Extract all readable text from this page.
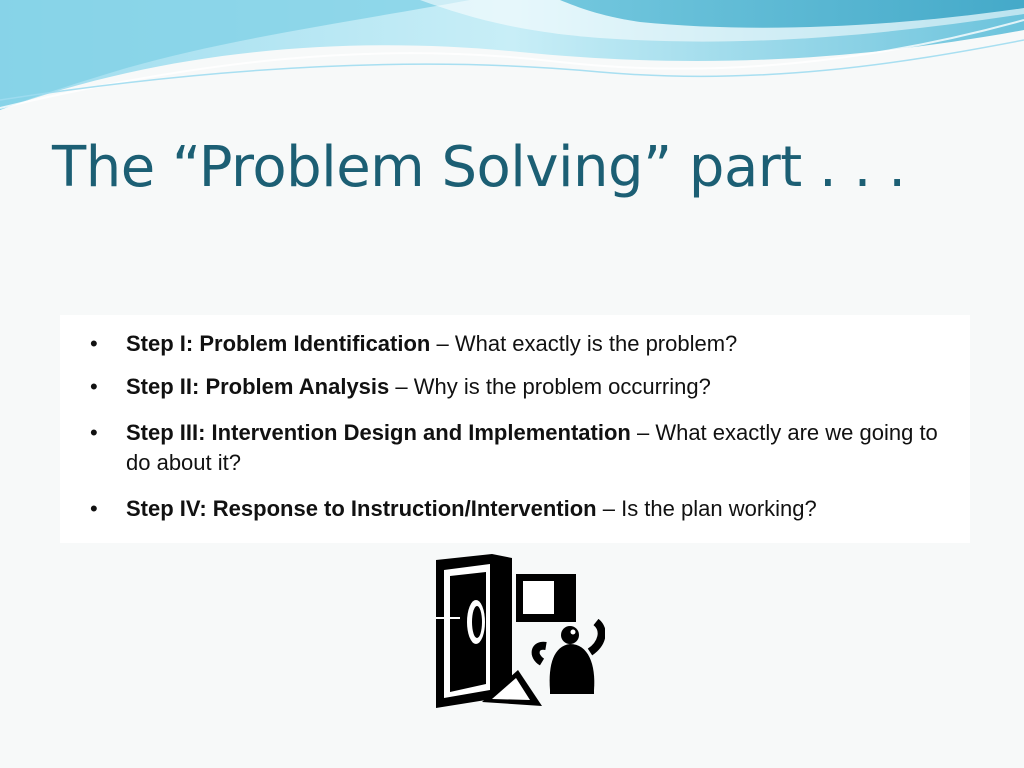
The “Problem Solving” part . . .
• Step I: Problem Identification – What exactly is the problem?
• Step II: Problem Analysis – Why is the problem occurring?
• Step III: Intervention Design and Implementation – What exactly are we going to do about it?
• Step IV: Response to Instruction/Intervention – Is the plan working?
